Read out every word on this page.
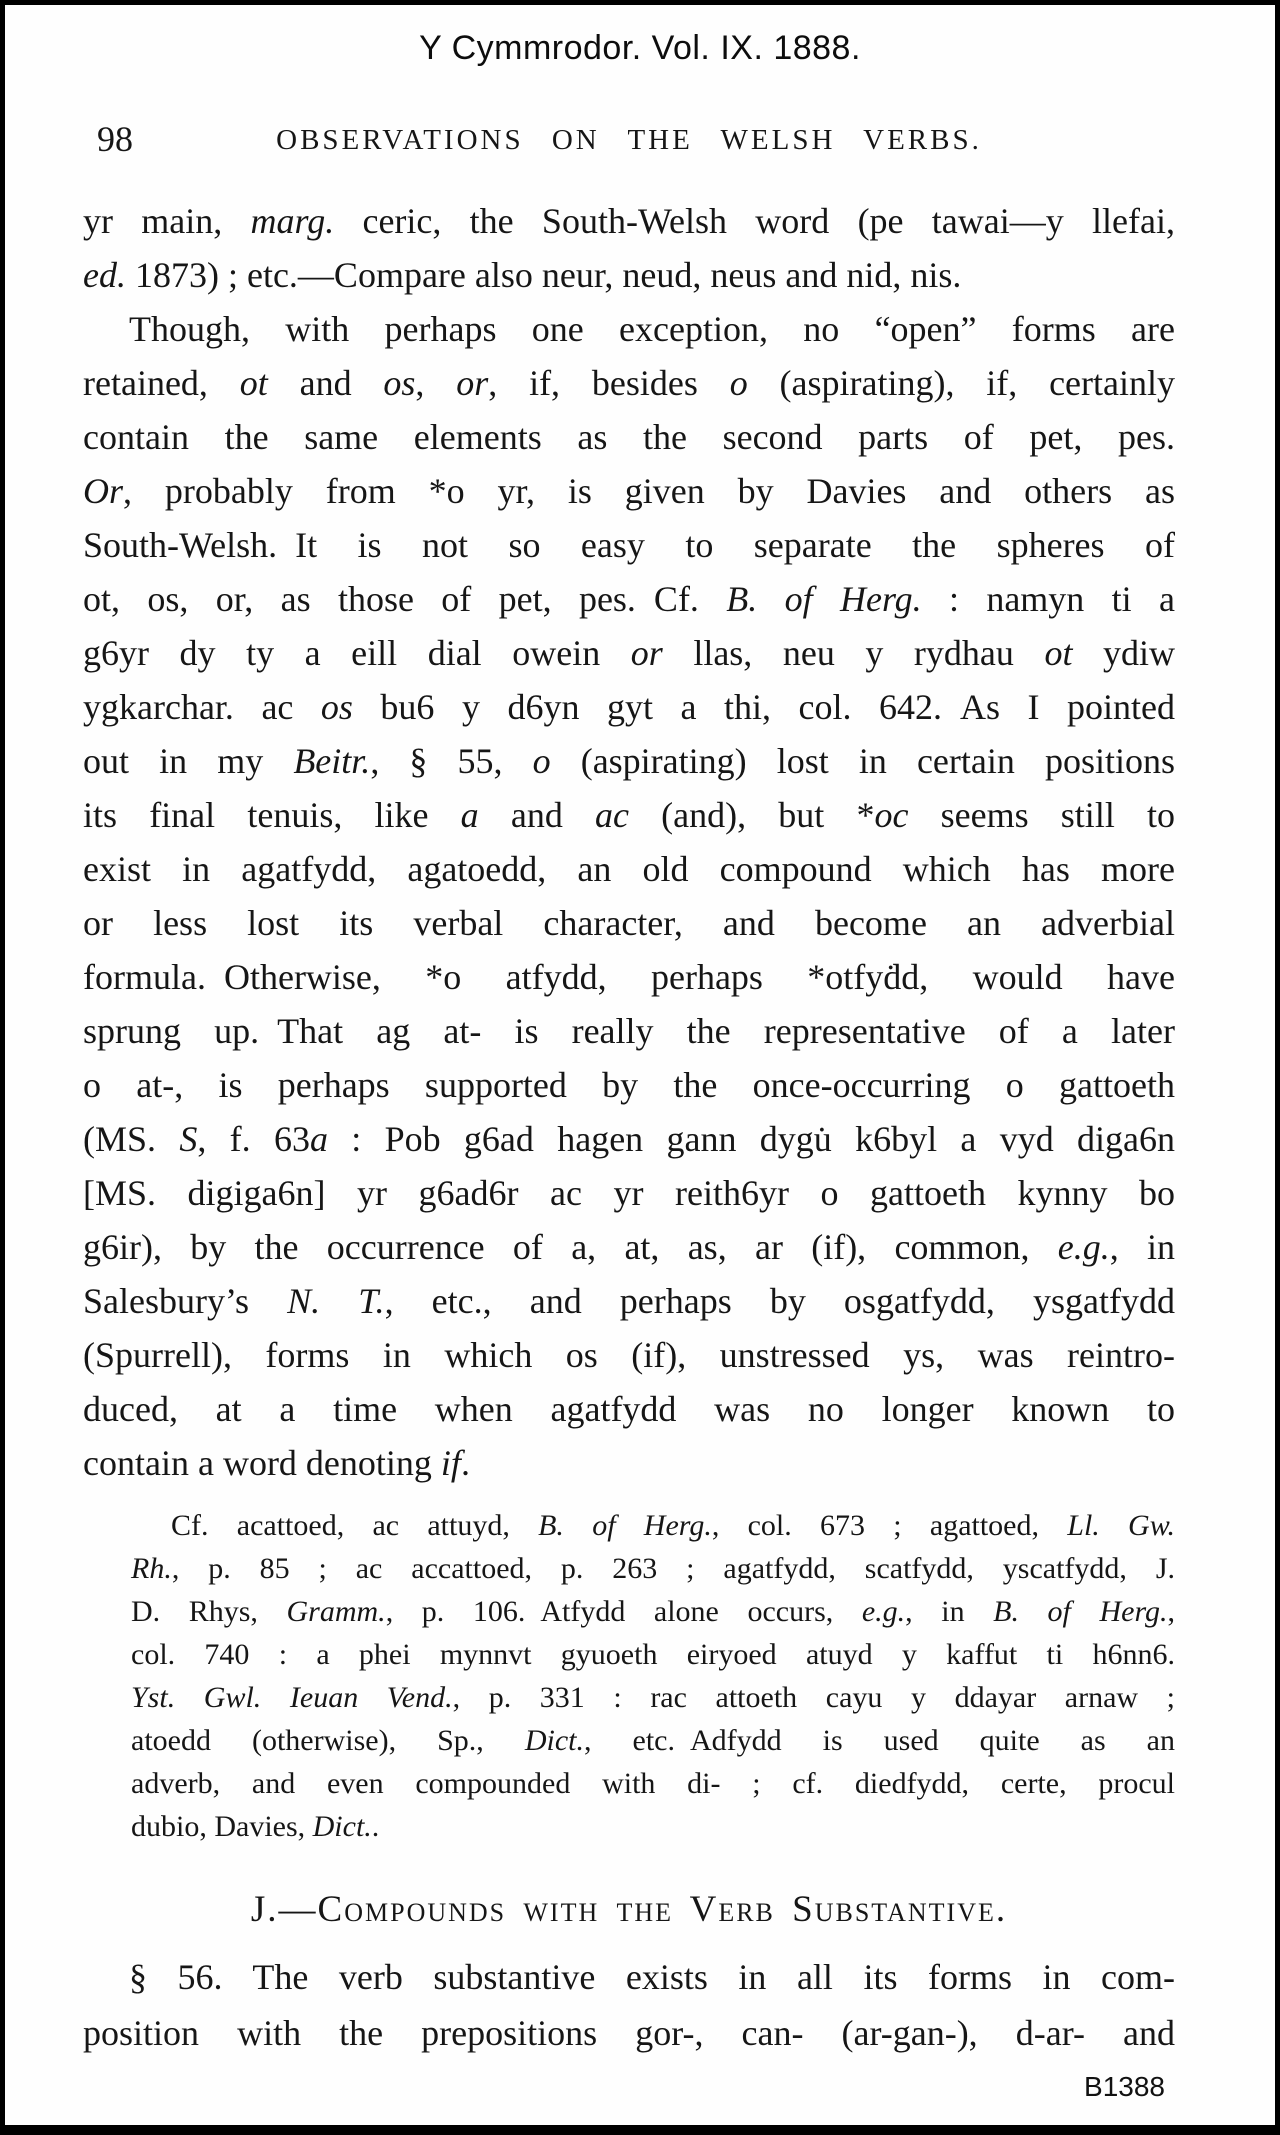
Y Cymmrodor. Vol. IX. 1888.
98	OBSERVATIONS ON THE WELSH VERBS.
yr main, marg. ceric, the South-Welsh word (pe tawai—y llefai,
ed. 1873) ; etc.—Compare also neur, neud, neus and nid, nis.
Though, with perhaps one exception, no “open” forms are
retained, ot and os, or, if, besides o (aspirating), if, certainly
contain the same elements as the second parts of pet, pes.
Or, probably from *o yr, is given by Davies and others as
South-Welsh. It is not so easy to separate the spheres of
ot, os, or, as those of pet, pes. Cf. B. of Herg. : namyn ti a
g6yr dy ty a eill dial owein or llas, neu y rydhau ot ydiw
ygkarchar. ac os bu6 y d6yn gyt a thi, col. 642. As I pointed
out in my Beitr., § 55, o (aspirating) lost in certain positions
its final tenuis, like a and ac (and), but *oc seems still to
exist in agatfydd, agatoedd, an old compound which has more
or less lost its verbal character, and become an adverbial
formula. Otherwise, *o atfydd, perhaps *otfyḋd, would have
sprung up. That ag at- is really the representative of a later
o at-, is perhaps supported by the once-occurring o gattoeth
(MS. S, f. 63a : Pob g6ad hagen gann dygu̇ k6byl a vyd diga6n
[MS. digiga6n] yr g6ad6r ac yr reith6yr o gattoeth kynny bo
g6ir), by the occurrence of a, at, as, ar (if), common, e.g., in
Salesbury’s N. T., etc., and perhaps by osgatfydd, ysgatfydd
(Spurrell), forms in which os (if), unstressed ys, was reintro-
duced, at a time when agatfydd was no longer known to
contain a word denoting if.
Cf. acattoed, ac attuyd, B. of Herg., col. 673 ; agattoed, Ll. Gw.
Rh., p. 85 ; ac accattoed, p. 263 ; agatfydd, scatfydd, yscatfydd, J.
D. Rhys, Gramm., p. 106. Atfydd alone occurs, e.g., in B. of Herg.,
col. 740 : a phei mynnvt gyuoeth eiryoed atuyd y kaffut ti h6nn6.
Yst. Gwl. Ieuan Vend., p. 331 : rac attoeth cayu y ddayar arnaw ;
atoedd (otherwise), Sp., Dict., etc. Adfydd is used quite as an
adverb, and even compounded with di- ; cf. diedfydd, certe, procul
dubio, Davies, Dict..
J.—Compounds with the Verb Substantive.
§ 56. The verb substantive exists in all its forms in com-
position with the prepositions gor-, can- (ar-gan-), d-ar- and
B1388
